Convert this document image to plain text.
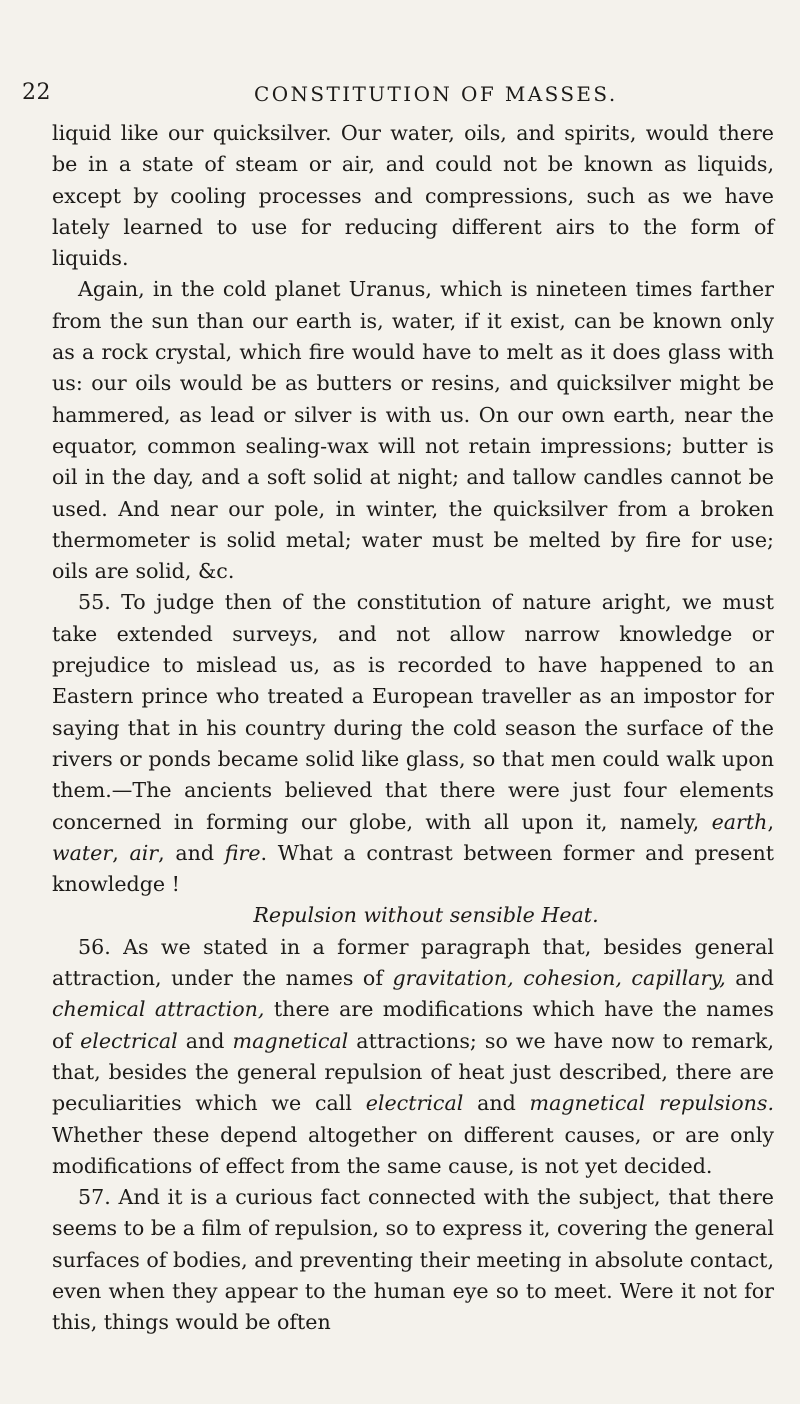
22	CONSTITUTION OF MASSES.

liquid like our quicksilver. Our water, oils, and spirits, would there be in a state of steam or air, and could not be known as liquids, except by cooling processes and compressions, such as we have lately learned to use for reducing different airs to the form of liquids.

Again, in the cold planet Uranus, which is nineteen times farther from the sun than our earth is, water, if it exist, can be known only as a rock crystal, which fire would have to melt as it does glass with us: our oils would be as butters or resins, and quicksilver might be hammered, as lead or silver is with us. On our own earth, near the equator, common sealing-wax will not retain impressions; butter is oil in the day, and a soft solid at night; and tallow candles cannot be used. And near our pole, in winter, the quicksilver from a broken thermometer is solid metal; water must be melted by fire for use; oils are solid, &c.

55. To judge then of the constitution of nature aright, we must take extended surveys, and not allow narrow knowledge or prejudice to mislead us, as is recorded to have happened to an Eastern prince who treated a European traveller as an impostor for saying that in his country during the cold season the surface of the rivers or ponds became solid like glass, so that men could walk upon them.—The ancients believed that there were just four elements concerned in forming our globe, with all upon it, namely, earth, water, air, and fire. What a contrast between former and present knowledge !

Repulsion without sensible Heat.

56. As we stated in a former paragraph that, besides general attraction, under the names of gravitation, cohesion, capillary, and chemical attraction, there are modifications which have the names of electrical and magnetical attractions; so we have now to remark, that, besides the general repulsion of heat just described, there are peculiarities which we call electrical and magnetical repulsions. Whether these depend altogether on different causes, or are only modifications of effect from the same cause, is not yet decided.

57. And it is a curious fact connected with the subject, that there seems to be a film of repulsion, so to express it, covering the general surfaces of bodies, and preventing their meeting in absolute contact, even when they appear to the human eye so to meet. Were it not for this, things would be often
